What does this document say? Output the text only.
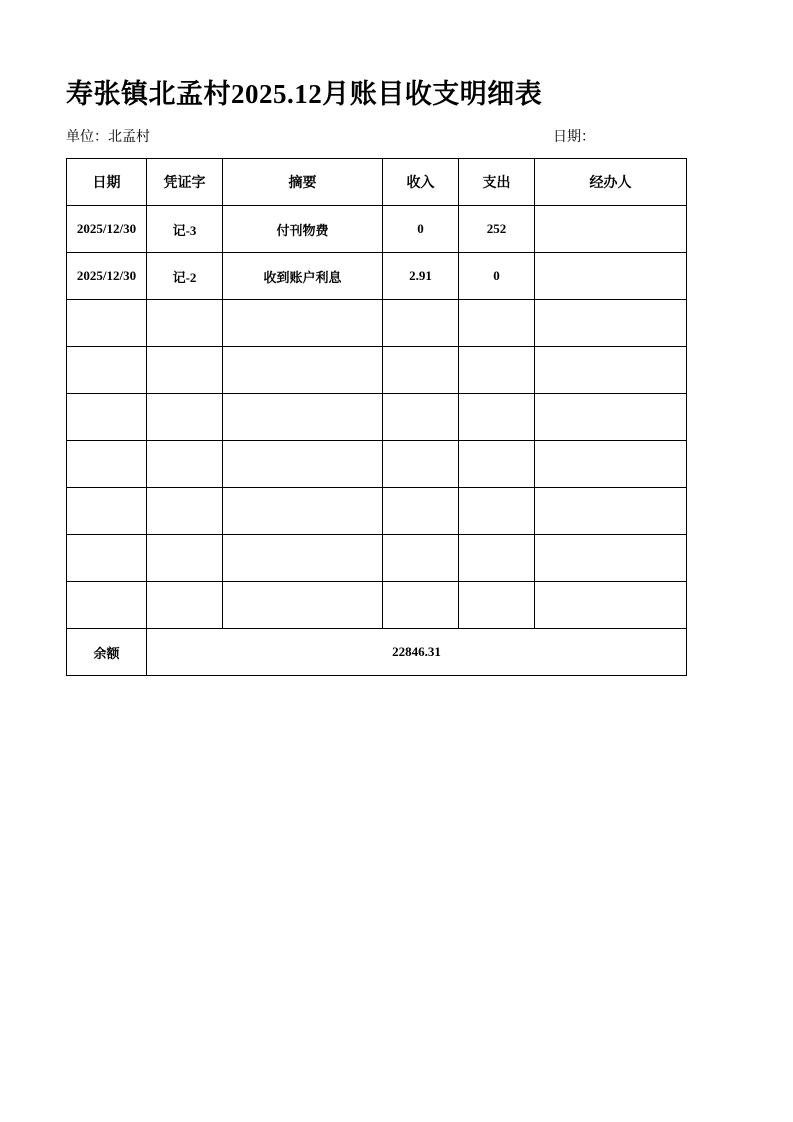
寿张镇北孟村2025.12月账目收支明细表
单位：北孟村	日期：
日期	凭证字	摘要	收入	支出	经办人
2025/12/30	记-3	付刊物费	0	252	
2025/12/30	记-2	收到账户利息	2.91	0	

余额	22846.31				
